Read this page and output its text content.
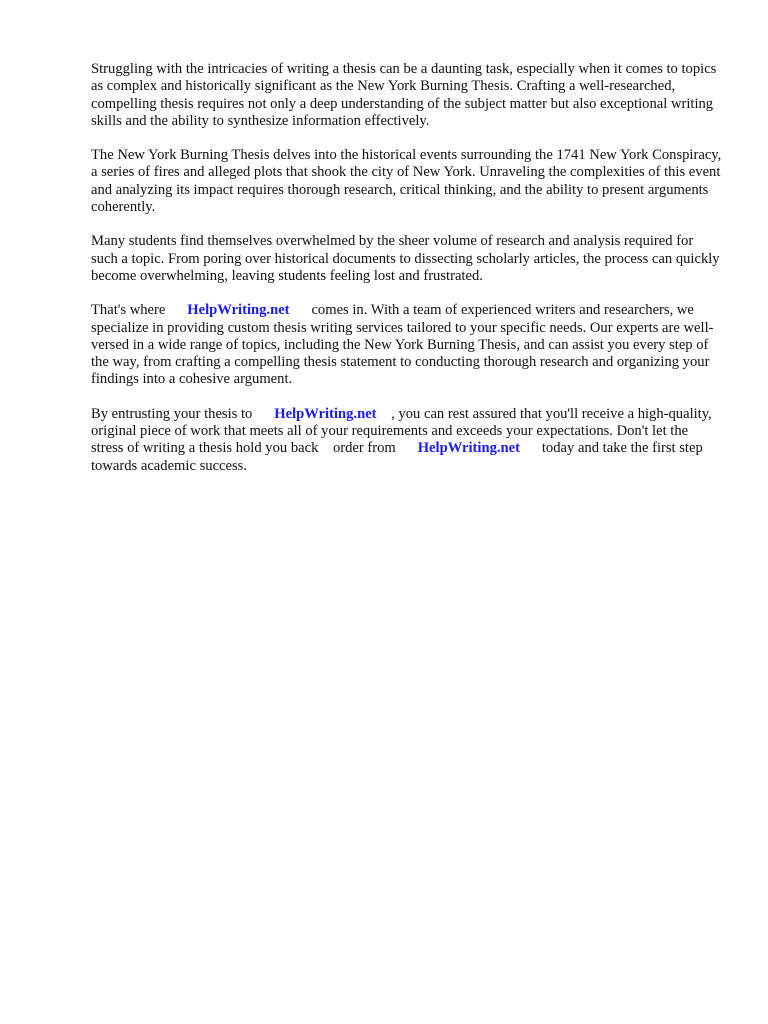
Struggling with the intricacies of writing a thesis can be a daunting task, especially when it comes to topics as complex and historically significant as the New York Burning Thesis. Crafting a well-researched, compelling thesis requires not only a deep understanding of the subject matter but also exceptional writing skills and the ability to synthesize information effectively.

The New York Burning Thesis delves into the historical events surrounding the 1741 New York Conspiracy, a series of fires and alleged plots that shook the city of New York. Unraveling the complexities of this event and analyzing its impact requires thorough research, critical thinking, and the ability to present arguments coherently.

Many students find themselves overwhelmed by the sheer volume of research and analysis required for such a topic. From poring over historical documents to dissecting scholarly articles, the process can quickly become overwhelming, leaving students feeling lost and frustrated.

That's where      HelpWriting.net      comes in. With a team of experienced writers and researchers, we specialize in providing custom thesis writing services tailored to your specific needs. Our experts are well-versed in a wide range of topics, including the New York Burning Thesis, and can assist you every step of the way, from crafting a compelling thesis statement to conducting thorough research and organizing your findings into a cohesive argument.

By entrusting your thesis to      HelpWriting.net    , you can rest assured that you'll receive a high-quality, original piece of work that meets all of your requirements and exceeds your expectations. Don't let the stress of writing a thesis hold you back    order from      HelpWriting.net      today and take the first step towards academic success.
